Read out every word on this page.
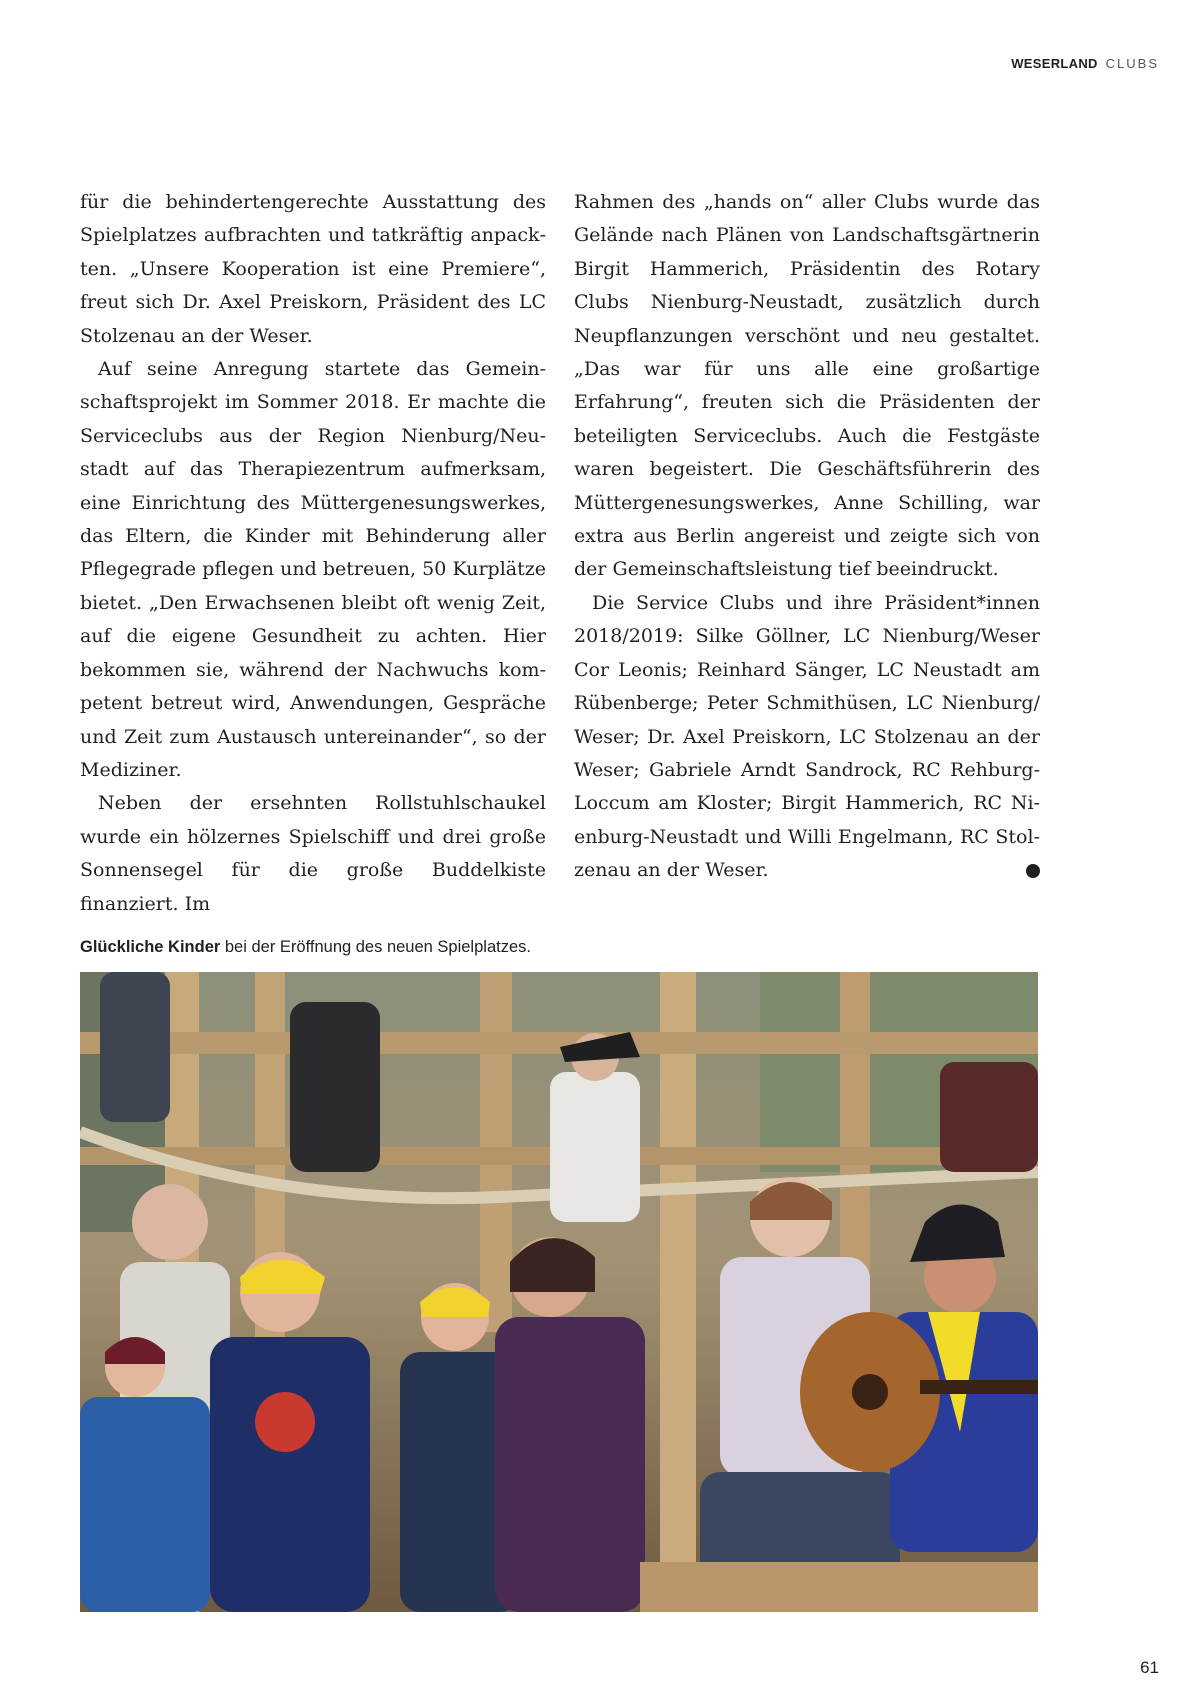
WESERLAND CLUBS

für die behindertengerechte Ausstattung des Spielplatzes aufbrachten und tatkräftig anpackten. „Unsere Kooperation ist eine Premiere“, freut sich Dr. Axel Preiskorn, Präsident des LC Stolzenau an der Weser.

Auf seine Anregung startete das Gemeinschaftsprojekt im Sommer 2018. Er machte die Serviceclubs aus der Region Nienburg/Neustadt auf das Therapiezentrum aufmerksam, eine Einrichtung des Müttergenesungswerkes, das Eltern, die Kinder mit Behinderung aller Pflegegrade pflegen und betreuen, 50 Kurplätze bietet. „Den Erwachsenen bleibt oft wenig Zeit, auf die eigene Gesundheit zu achten. Hier bekommen sie, während der Nachwuchs kompetent betreut wird, Anwendungen, Gespräche und Zeit zum Austausch untereinander“, so der Mediziner.

Neben der ersehnten Rollstuhlschaukel wurde ein hölzernes Spielschiff und drei große Sonnensegel für die große Buddelkiste finanziert. Im

Rahmen des „hands on“ aller Clubs wurde das Gelände nach Plänen von Landschaftsgärtnerin Birgit Hammerich, Präsidentin des Rotary Clubs Nienburg-Neustadt, zusätzlich durch Neupflanzungen verschönt und neu gestaltet. „Das war für uns alle eine großartige Erfahrung“, freuten sich die Präsidenten der beteiligten Serviceclubs. Auch die Festgäste waren begeistert. Die Geschäftsführerin des Müttergenesungswerkes, Anne Schilling, war extra aus Berlin angereist und zeigte sich von der Gemeinschaftsleistung tief beeindruckt.

Die Service Clubs und ihre Präsident*innen 2018/2019: Silke Göllner, LC Nienburg/Weser Cor Leonis; Reinhard Sänger, LC Neustadt am Rübenberge; Peter Schmithüsen, LC Nienburg/ Weser; Dr. Axel Preiskorn, LC Stolzenau an der Weser; Gabriele Arndt Sandrock, RC Rehburg-Loccum am Kloster; Birgit Hammerich, RC Nienburg-Neustadt und Willi Engelmann, RC Stolzenau an der Weser.	L

Glückliche Kinder bei der Eröffnung des neuen Spielplatzes.
61
